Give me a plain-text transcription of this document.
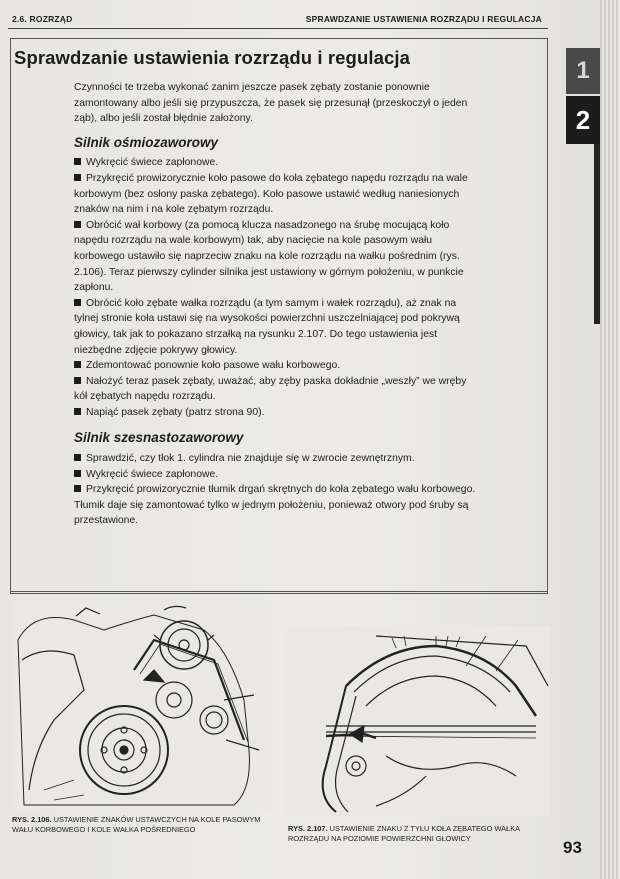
2.6. ROZRZĄD	SPRAWDZANIE USTAWIENIA ROZRZĄDU I REGULACJA
1
2
Sprawdzanie ustawienia rozrządu i regulacja

Czynności te trzeba wykonać zanim jeszcze pasek zębaty zostanie ponownie zamontowany albo jeśli się przypuszcza, że pasek się przesunął (przeskoczył o jeden ząb), albo jeśli został błędnie założony.

Silnik ośmiozaworowy

Wykręcić świece zapłonowe.

Przykręcić prowizorycznie koło pasowe do koła zębatego napędu rozrządu na wale korbowym (bez osłony paska zębatego). Koło pasowe ustawić według naniesionych znaków na nim i na kole zębatym rozrządu.

Obrócić wał korbowy (za pomocą klucza nasadzonego na śrubę mocującą koło napędu rozrządu na wale korbowym) tak, aby nacięcie na kole pasowym wału korbowego ustawiło się naprzeciw znaku na kole rozrządu na wałku pośrednim (rys. 2.106). Teraz pierwszy cylinder silnika jest ustawiony w górnym położeniu, w punkcie zapłonu.

Obrócić koło zębate wałka rozrządu (a tym samym i wałek rozrządu), aż znak na tylnej stronie koła ustawi się na wysokości powierzchni uszczelniającej pod pokrywą głowicy, tak jak to pokazano strzałką na rysunku 2.107. Do tego ustawienia jest niezbędne zdjęcie pokrywy głowicy.

Zdemontować ponownie koło pasowe wału korbowego.

Nałożyć teraz pasek zębaty, uważać, aby zęby paska dokładnie „weszły” we wręby kół zębatych napędu rozrządu.

Napiąć pasek zębaty (patrz strona 90).

Silnik szesnastozaworowy

Sprawdzić, czy tłok 1. cylindra nie znajduje się w zwrocie zewnętrznym.

Wykręcić świece zapłonowe.

Przykręcić prowizorycznie tłumik drgań skrętnych do koła zębatego wału korbowego. Tłumik daje się zamontować tylko w jednym położeniu, ponieważ otwory pod śruby są przestawione.

RYS. 2.106. USTAWIENIE ZNAKÓW USTAWCZYCH NA KOLE PASOWYM WAŁU KORBOWEGO I KOLE WAŁKA POŚREDNIEGO	RYS. 2.107. USTAWIENIE ZNAKU Z TYŁU KOŁA ZĘBATEGO WAŁKA ROZRZĄDU NA POZIOMIE POWIERZCHNI GŁOWICY	93
